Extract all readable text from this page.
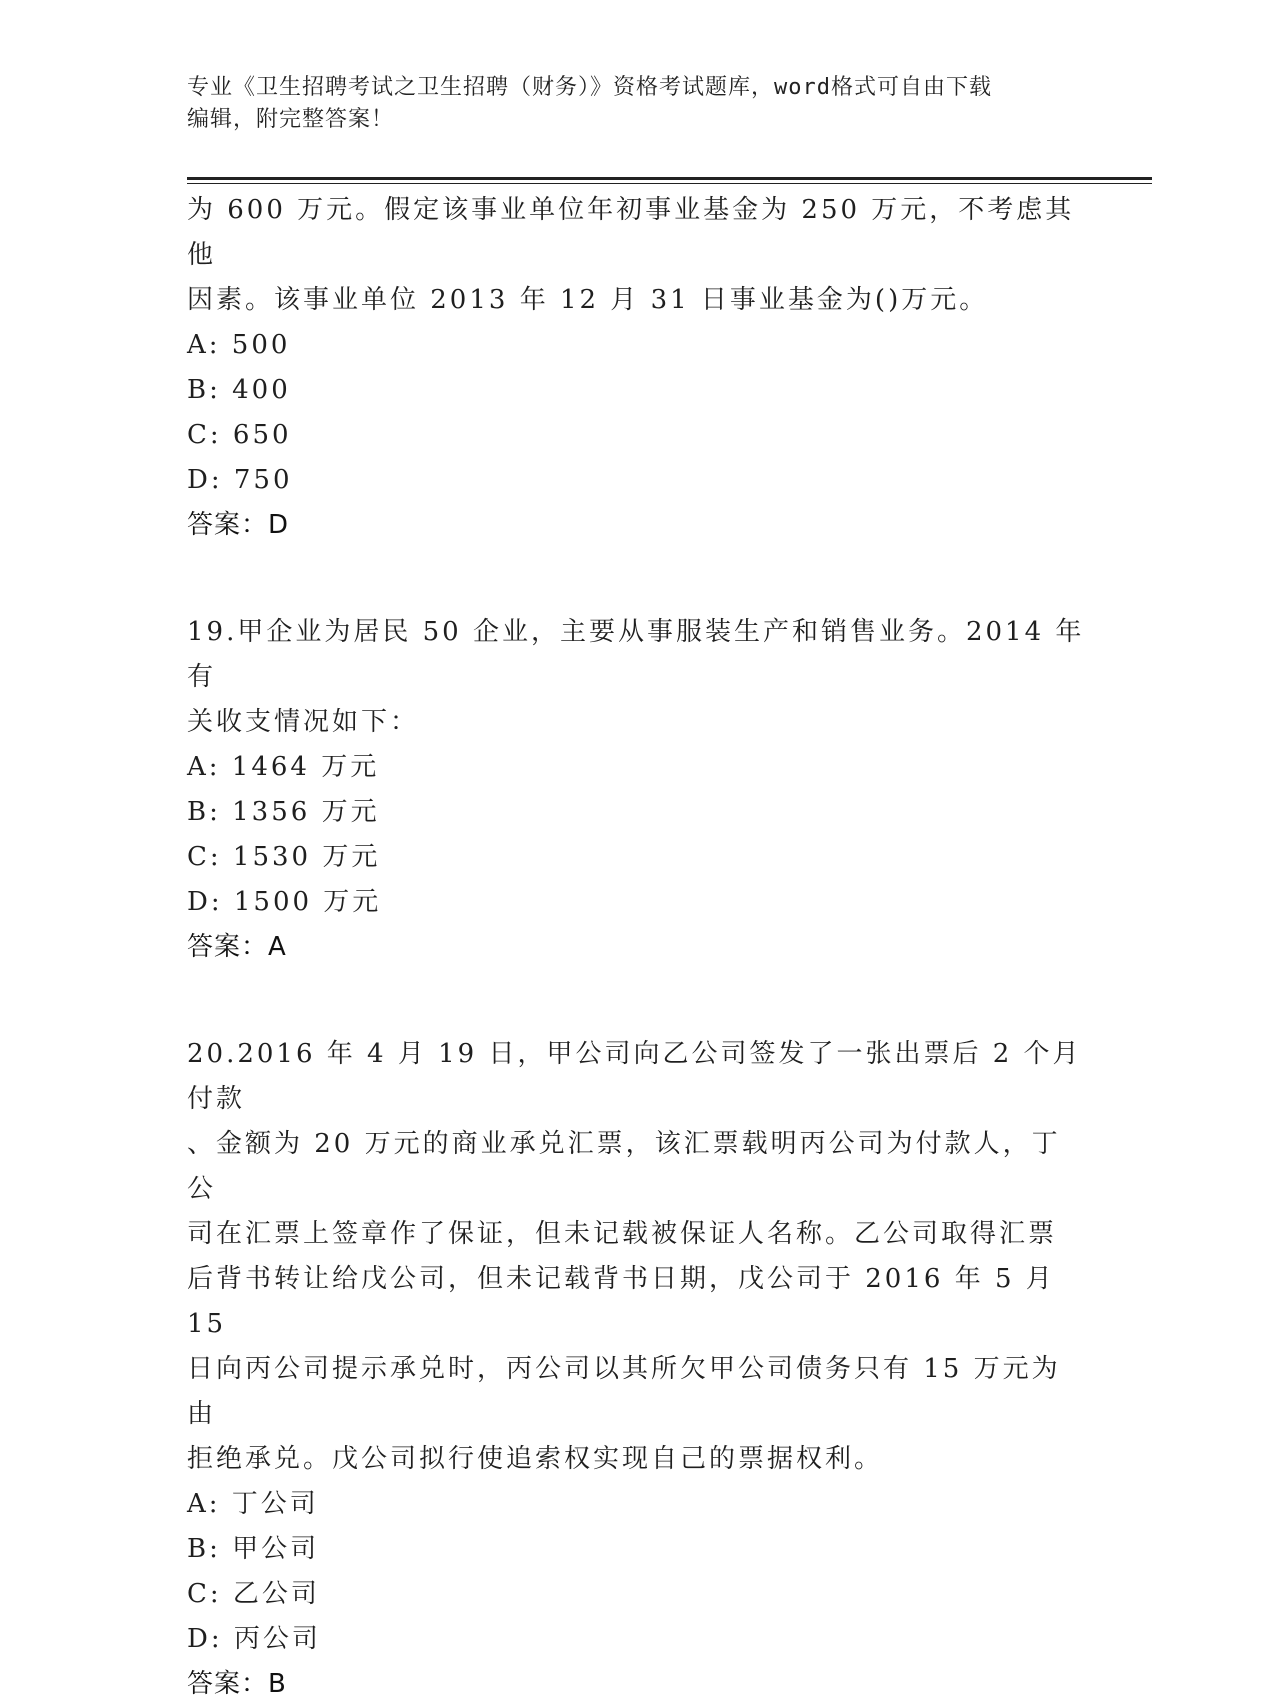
专业《卫生招聘考试之卫生招聘（财务）》资格考试题库，word格式可自由下载
编辑，附完整答案！
为 600 万元。假定该事业单位年初事业基金为 250 万元，不考虑其他
因素。该事业单位 2013 年 12 月 31 日事业基金为()万元。
A: 500
B: 400
C: 650
D: 750
答案：D
19.甲企业为居民 50 企业，主要从事服装生产和销售业务。2014 年有
关收支情况如下：
A: 1464 万元
B: 1356 万元
C: 1530 万元
D: 1500 万元
答案：A
20.2016 年 4 月 19 日，甲公司向乙公司签发了一张出票后 2 个月付款
、金额为 20 万元的商业承兑汇票，该汇票载明丙公司为付款人，丁公
司在汇票上签章作了保证，但未记载被保证人名称。乙公司取得汇票
后背书转让给戊公司，但未记载背书日期，戊公司于 2016 年 5 月 15
日向丙公司提示承兑时，丙公司以其所欠甲公司债务只有 15 万元为由
拒绝承兑。戊公司拟行使追索权实现自己的票据权利。
A: 丁公司
B: 甲公司
C: 乙公司
D: 丙公司
答案：B
